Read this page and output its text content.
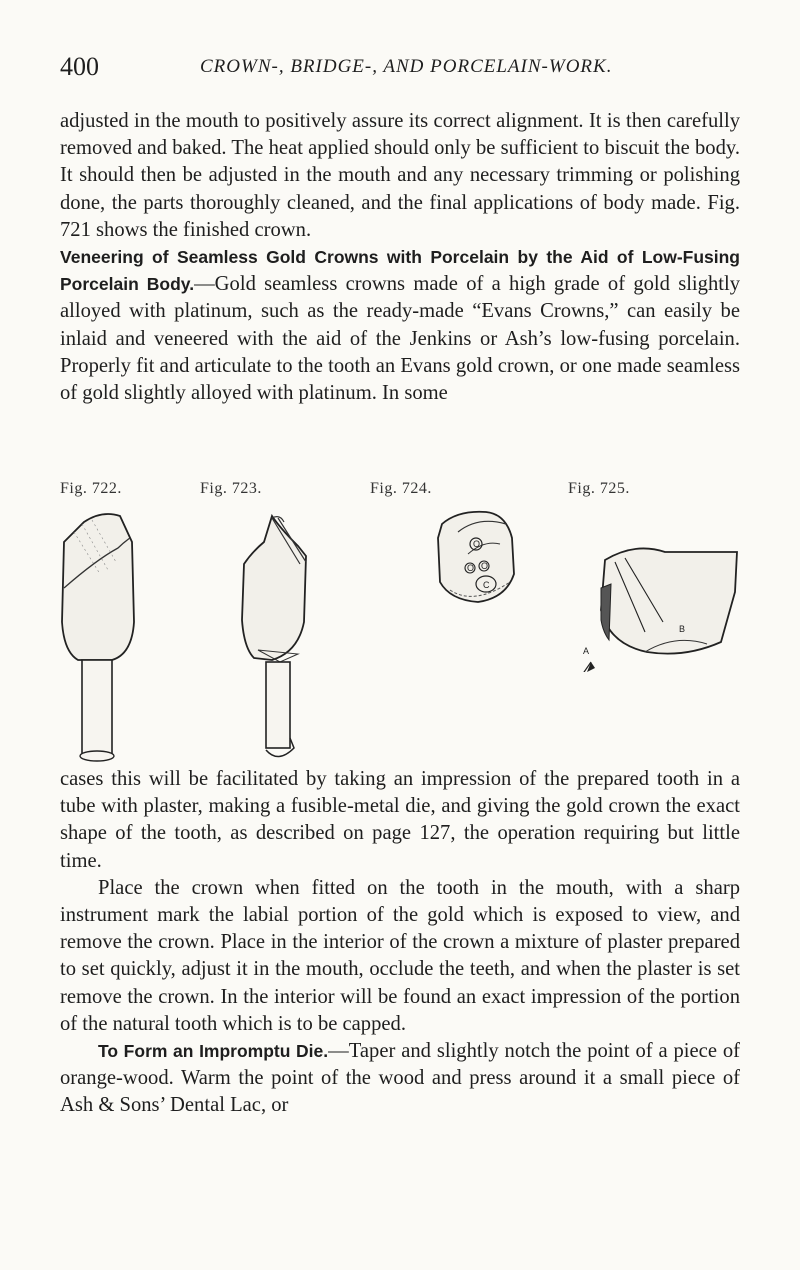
400	CROWN-, BRIDGE-, AND PORCELAIN-WORK.

adjusted in the mouth to positively assure its correct alignment. It is then carefully removed and baked. The heat applied should only be sufficient to biscuit the body. It should then be adjusted in the mouth and any necessary trimming or polishing done, the parts thoroughly cleaned, and the final applications of body made. Fig. 721 shows the finished crown.

Veneering of Seamless Gold Crowns with Porcelain by the Aid of Low-Fusing Porcelain Body.—Gold seamless crowns made of a high grade of gold slightly alloyed with platinum, such as the ready-made “Evans Crowns,” can easily be inlaid and veneered with the aid of the Jenkins or Ash’s low-fusing porcelain. Properly fit and articulate to the tooth an Evans gold crown, or one made seamless of gold slightly alloyed with platinum. In some

Fig. 722.	Fig. 723.	Fig. 724.
O
O O
C
Fig. 725.
A
B

cases this will be facilitated by taking an impression of the prepared tooth in a tube with plaster, making a fusible-metal die, and giving the gold crown the exact shape of the tooth, as described on page 127, the operation requiring but little time.

Place the crown when fitted on the tooth in the mouth, with a sharp instrument mark the labial portion of the gold which is exposed to view, and remove the crown. Place in the interior of the crown a mixture of plaster prepared to set quickly, adjust it in the mouth, occlude the teeth, and when the plaster is set remove the crown. In the interior will be found an exact impression of the portion of the natural tooth which is to be capped.

To Form an Impromptu Die.—Taper and slightly notch the point of a piece of orange-wood. Warm the point of the wood and press around it a small piece of Ash & Sons’ Dental Lac, or
